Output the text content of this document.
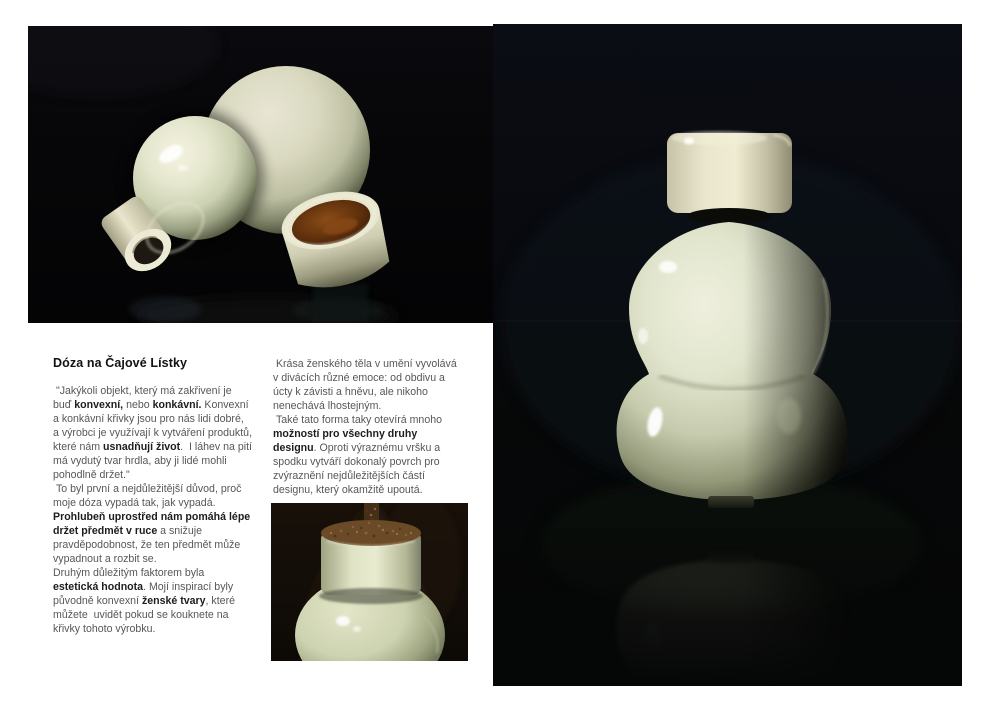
Dóza na Čajové Lístky

"Jakýkoli objekt, který má zakřivení je buď konvexní, nebo konkávní. Konvexní a konkávní křivky jsou pro nás lidi dobré, a výrobci je využívají k vytváření produktů, které nám usnadňují život.  I láhev na pití má vydutý tvar hrdla, aby ji lidé mohli pohodlně držet."

To byl první a nejdůležitější důvod, proč moje dóza vypadá tak, jak vypadá.
Prohlubeň uprostřed nám pomáhá lépe držet předmět v ruce a snižuje pravděpodobnost, že ten předmět může vypadnout a rozbit se.
Druhým důležitým faktorem byla estetická hodnota. Mojí inspirací byly původně konvexní ženské tvary, které můžete  uvidět pokud se kouknete na křivky tohoto výrobku.

Krása ženského těla v umění vyvolává v divácích různé emoce: od obdivu a úcty k závisti a hněvu, ale nikoho nenechává lhostejným.

Také tato forma taky otevírá mnoho možností pro všechny druhy designu. Oproti výraznému vršku a spodku vytváří dokonalý povrch pro zvýraznění nejdůležitějších částí designu, který okamžitě upoutá.
